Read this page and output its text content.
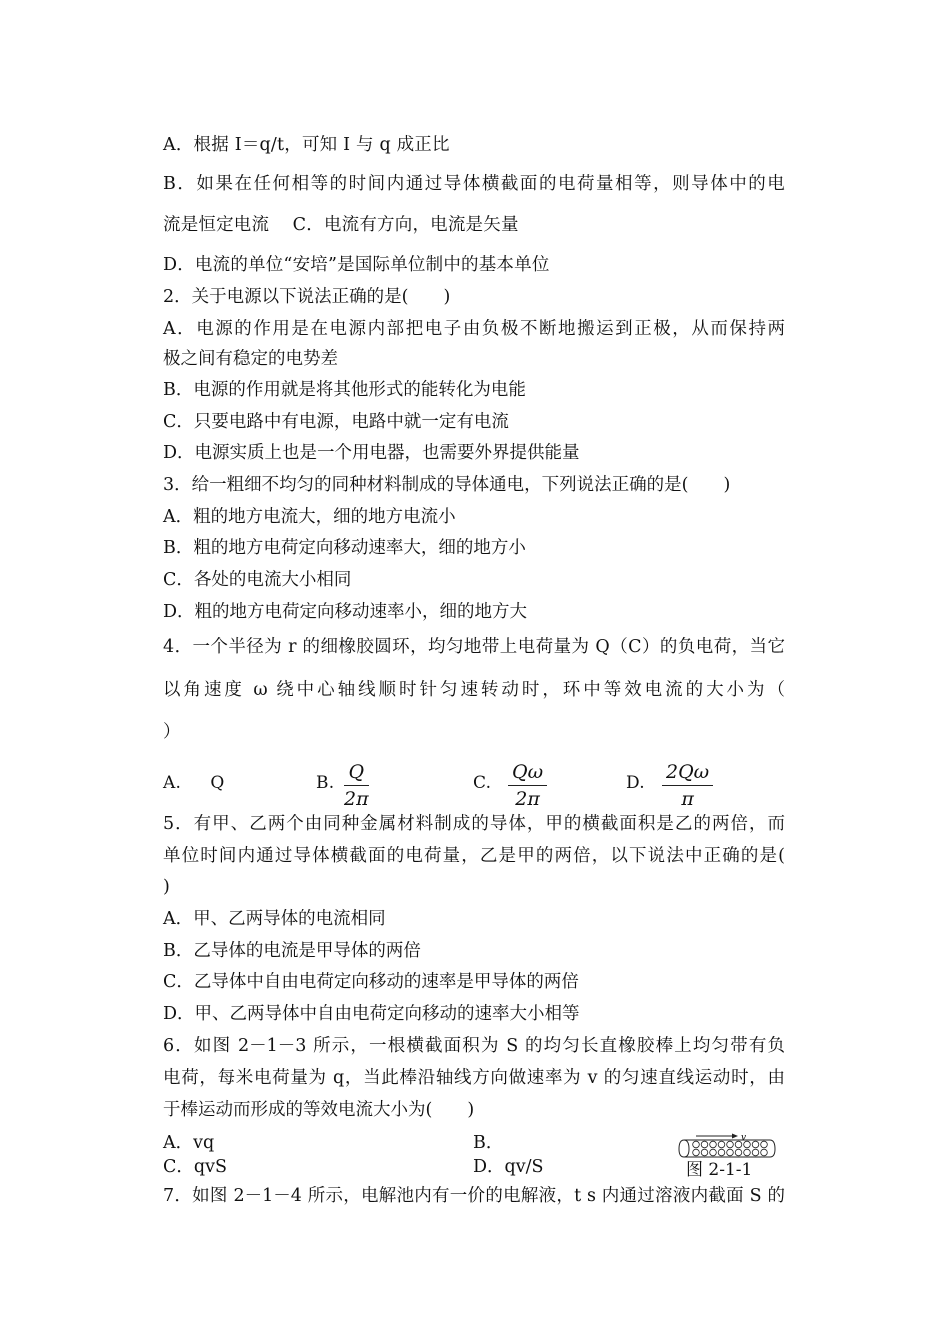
A．根据 I＝q/t，可知 I 与 q 成正比
B．如果在任何相等的时间内通过导体横截面的电荷量相等，则导体中的电
流是恒定电流　 C．电流有方向，电流是矢量
D．电流的单位“安培”是国际单位制中的基本单位
2．关于电源以下说法正确的是(　　)
A．电源的作用是在电源内部把电子由负极不断地搬运到正极，从而保持两
极之间有稳定的电势差
B．电源的作用就是将其他形式的能转化为电能
C．只要电路中有电源，电路中就一定有电流
D．电源实质上也是一个用电器，也需要外界提供能量
3．给一粗细不均匀的同种材料制成的导体通电，下列说法正确的是(　　)
A．粗的地方电流大，细的地方电流小
B．粗的地方电荷定向移动速率大，细的地方小
C．各处的电流大小相同
D．粗的地方电荷定向移动速率小，细的地方大
4．一个半径为 r 的细橡胶圆环，均匀地带上电荷量为 Q（C）的负电荷，当它
以角速度 ω 绕中心轴线顺时针匀速转动时，环中等效电流的大小为（
）
A. Q	B. Q
2π
C. Qω
2π
D. 2Qω
π
5．有甲、乙两个由同种金属材料制成的导体，甲的横截面积是乙的两倍，而
单位时间内通过导体横截面的电荷量，乙是甲的两倍，以下说法中正确的是(
)
A．甲、乙两导体的电流相同
B．乙导体的电流是甲导体的两倍
C．乙导体中自由电荷定向移动的速率是甲导体的两倍
D．甲、乙两导体中自由电荷定向移动的速率大小相等
6．如图 2－1－3 所示，一根横截面积为 S 的均匀长直橡胶棒上均匀带有负
电荷，每米电荷量为 q，当此棒沿轴线方向做速率为 v 的匀速直线运动时，由
于棒运动而形成的等效电流大小为(　　)
A．vq	B．
C．qvS	D．qv/S
v
图 2-1-1
7．如图 2－1－4 所示，电解池内有一价的电解液，t s 内通过溶液内截面 S 的
